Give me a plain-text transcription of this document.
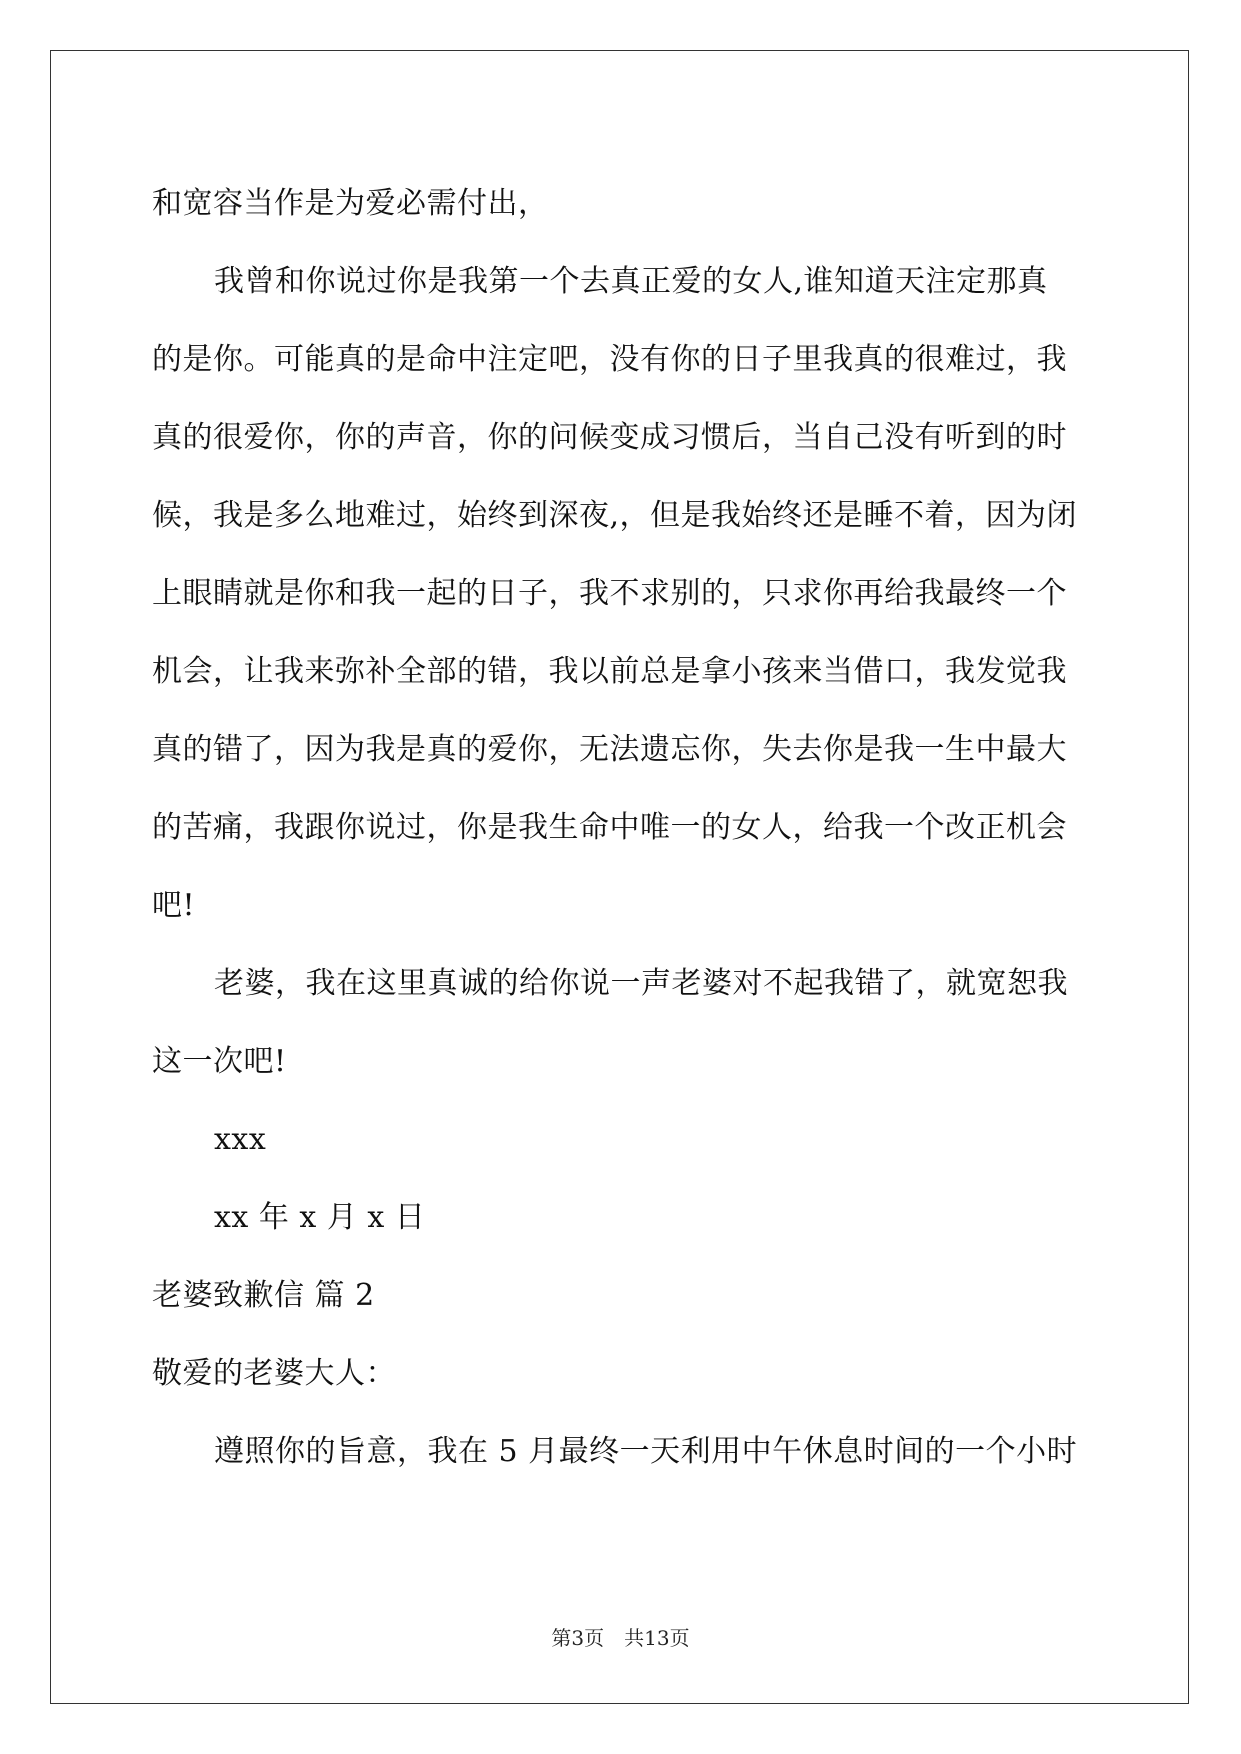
和宽容当作是为爱必需付出，

我曾和你说过你是我第一个去真正爱的女人,谁知道天注定那真

的是你。可能真的是命中注定吧，没有你的日子里我真的很难过，我

真的很爱你，你的声音，你的问候变成习惯后，当自己没有听到的时

候，我是多么地难过，始终到深夜,，但是我始终还是睡不着，因为闭

上眼睛就是你和我一起的日子，我不求别的，只求你再给我最终一个

机会，让我来弥补全部的错，我以前总是拿小孩来当借口，我发觉我

真的错了，因为我是真的爱你，无法遗忘你，失去你是我一生中最大

的苦痛，我跟你说过，你是我生命中唯一的女人，给我一个改正机会

吧!

老婆，我在这里真诚的给你说一声老婆对不起我错了，就宽恕我

这一次吧!

xxx

xx 年 x 月 x 日

老婆致歉信 篇 2

敬爱的老婆大人：

遵照你的旨意，我在 5 月最终一天利用中午休息时间的一个小时

第3页　共13页
